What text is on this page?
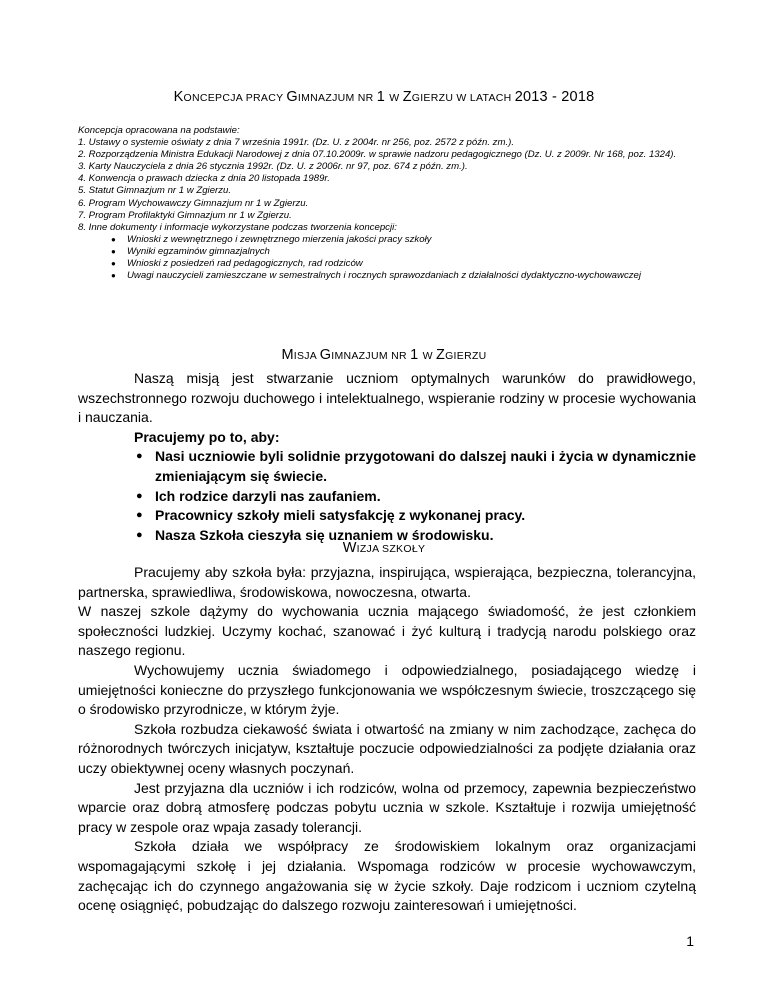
KONCEPCJA PRACY GIMNAZJUM NR 1 W ZGIERZU W LATACH 2013 - 2018

Koncepcja opracowana na podstawie:

1. Ustawy o systemie oświaty z dnia 7 września 1991r. (Dz. U. z 2004r. nr 256, poz. 2572 z późn. zm.).

2. Rozporządzenia Ministra Edukacji Narodowej z dnia 07.10.2009r. w sprawie nadzoru pedagogicznego (Dz. U. z 2009r. Nr 168, poz. 1324).

3. Karty Nauczyciela z dnia 26 stycznia 1992r. (Dz. U. z 2006r. nr 97, poz. 674 z późn. zm.).

4. Konwencja o prawach dziecka z dnia 20 listopada 1989r.

5. Statut Gimnazjum nr 1 w Zgierzu.

6. Program Wychowawczy Gimnazjum nr 1 w Zgierzu.

7. Program Profilaktyki Gimnazjum nr 1 w Zgierzu.

8. Inne dokumenty i informacje wykorzystane podczas tworzenia koncepcji:

● Wnioski z wewnętrznego i zewnętrznego mierzenia jakości pracy szkoły
● Wyniki egzaminów gimnazjalnych
● Wnioski z posiedzeń rad pedagogicznych, rad rodziców
● Uwagi nauczycieli zamieszczane w semestralnych i rocznych sprawozdaniach z działalności dydaktyczno-wychowawczej
MISJA GIMNAZJUM NR 1 W ZGIERZU

Naszą misją jest stwarzanie uczniom optymalnych warunków do prawidłowego, wszechstronnego rozwoju duchowego i intelektualnego, wspieranie rodziny w procesie wychowania i nauczania.

Pracujemy po to, aby:

● Nasi uczniowie byli solidnie przygotowani do dalszej nauki i życia w dynamicznie zmieniającym się świecie.
● Ich rodzice darzyli nas zaufaniem.
● Pracownicy szkoły mieli satysfakcję z wykonanej pracy.
● Nasza Szkoła cieszyła się uznaniem w środowisku.
WIZJA SZKOŁY

Pracujemy aby szkoła była: przyjazna, inspirująca, wspierająca, bezpieczna, tolerancyjna, partnerska, sprawiedliwa, środowiskowa, nowoczesna, otwarta.

W naszej szkole dążymy do wychowania ucznia mającego świadomość, że jest członkiem społeczności ludzkiej. Uczymy kochać, szanować i żyć kulturą i tradycją narodu polskiego oraz naszego regionu.

Wychowujemy ucznia świadomego i odpowiedzialnego, posiadającego wiedzę i umiejętności konieczne do przyszłego funkcjonowania we współczesnym świecie, troszczącego się o środowisko przyrodnicze, w którym żyje.

Szkoła rozbudza ciekawość świata i otwartość na zmiany w nim zachodzące, zachęca do różnorodnych twórczych inicjatyw, kształtuje poczucie odpowiedzialności za podjęte działania oraz uczy obiektywnej oceny własnych poczynań.

Jest przyjazna dla uczniów i ich rodziców, wolna od przemocy, zapewnia bezpieczeństwo wparcie oraz dobrą atmosferę podczas pobytu ucznia w szkole. Kształtuje i rozwija umiejętność pracy w zespole oraz wpaja zasady tolerancji.

Szkoła działa we współpracy ze środowiskiem lokalnym oraz organizacjami wspomagającymi szkołę i jej działania. Wspomaga rodziców w procesie wychowawczym, zachęcając ich do czynnego angażowania się w życie szkoły. Daje rodzicom i uczniom czytelną ocenę osiągnięć, pobudzając do dalszego rozwoju zainteresowań i umiejętności.

1
